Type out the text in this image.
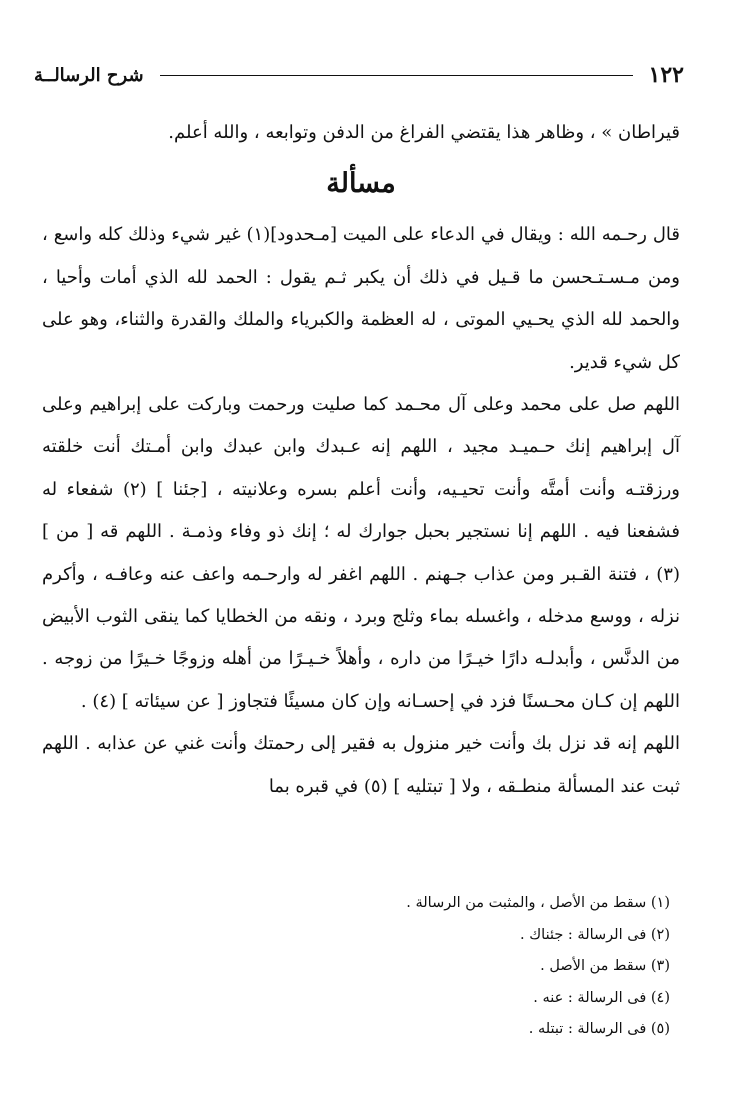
١٢٢
شرح الرسالــة

قيراطان » ، وظاهر هذا يقتضي الفراغ من الدفن وتوابعه ، والله أعلم.

مسألة

قال رحـمه الله : ويقال في الدعاء على الميت [مـحدود](١) غير شيء وذلك كله واسع ، ومن مـسـتـحسن ما قـيل في ذلك أن يكبر ثـم يقول : الحمد لله الذي أمات وأحيا ، والحمد لله الذي يحـيي الموتى ، له العظمة والكبرياء والملك والقدرة والثناء، وهو على كل شيء قدير.

اللهم صل على محمد وعلى آل محـمد كما صليت ورحمت وباركت على إبراهيم وعلى آل إبراهيم إنك حـميـد مجيد ، اللهم إنه عـبدك وابن عبدك وابن أمـتك أنت خلقته ورزقتـه وأنت أمتَّه وأنت تحيـيه، وأنت أعلم بسره وعلانيته ، [جئنا ] (٢) شفعاء له فشفعنا فيه . اللهم إنا نستجير بحبل جوارك له ؛ إنك ذو وفاء وذمـة . اللهم قه [ من ] (٣) ، فتنة القـبر ومن عذاب جـهنم . اللهم اغفر له وارحـمه واعف عنه وعافـه ، وأكرم نزله ، ووسع مدخله ، واغسله بماء وثلج وبرد ، ونقه من الخطايا كما ينقى الثوب الأبيض من الدنَّس ، وأبدلـه دارًا خيـرًا من داره ، وأهلاً خـيـرًا من أهله وزوجًا خـيرًا من زوجه . اللهم إن كـان محـسنًا فزد في إحسـانه وإن كان مسيئًا فتجاوز [ عن سيئاته ] (٤) .

اللهم إنه قد نزل بك وأنت خير منزول به فقير إلى رحمتك وأنت غني عن عذابه . اللهم ثبت عند المسألة منطـقه ، ولا [ تبتليه ] (٥) في قبره بما

(١) سقط من الأصل ، والمثبت من الرسالة .

(٢) فى الرسالة : جئناك .

(٣) سقط من الأصل .

(٤) فى الرسالة : عنه .

(٥) فى الرسالة : تبتله .
